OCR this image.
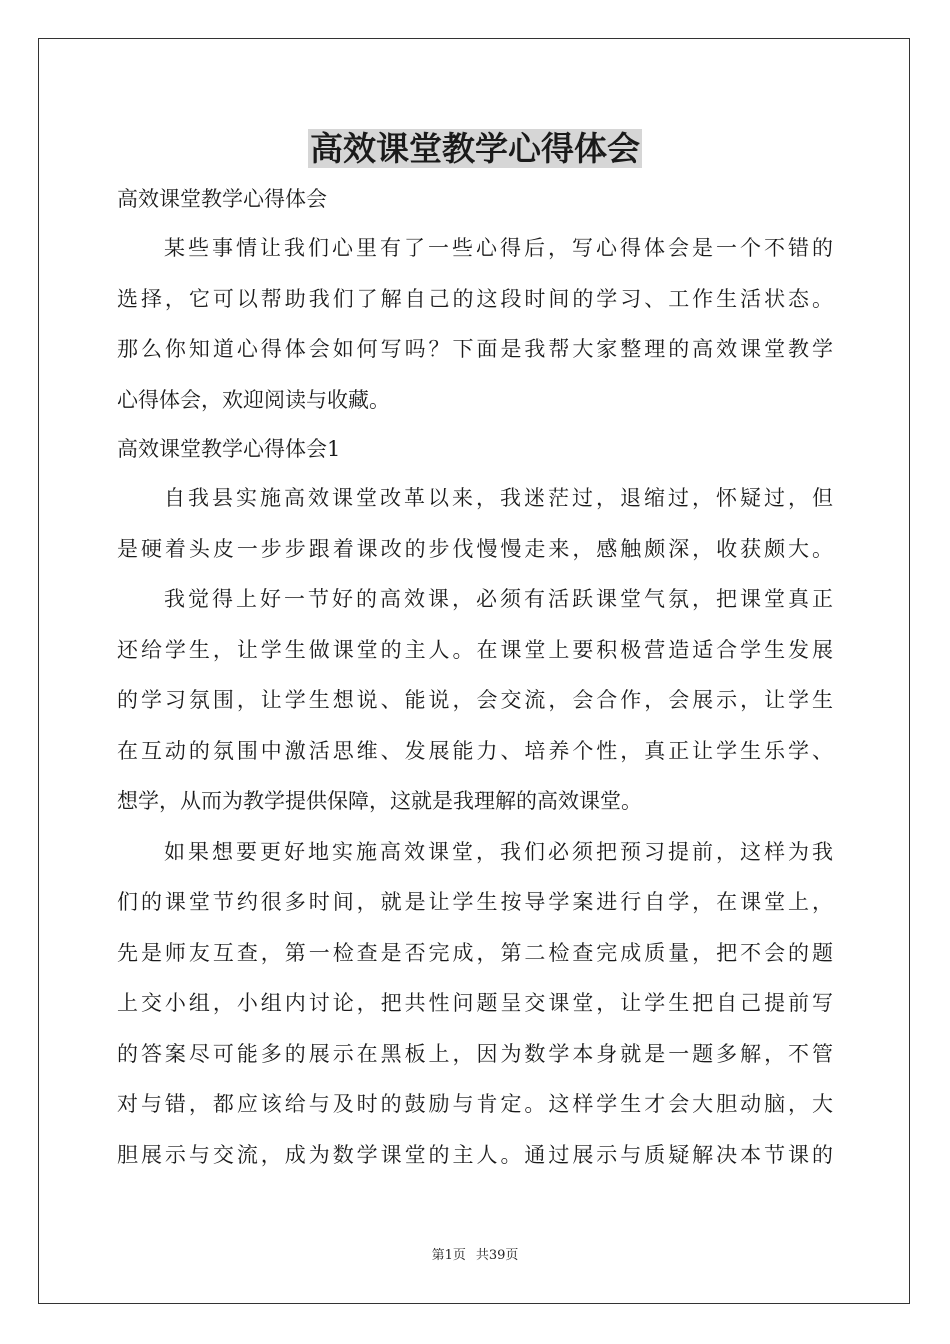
高效课堂教学心得体会
高效课堂教学心得体会
某些事情让我们心里有了一些心得后，写心得体会是一个不错的
选择，它可以帮助我们了解自己的这段时间的学习、工作生活状态。
那么你知道心得体会如何写吗？下面是我帮大家整理的高效课堂教学
心得体会，欢迎阅读与收藏。
高效课堂教学心得体会1
自我县实施高效课堂改革以来，我迷茫过，退缩过，怀疑过，但
是硬着头皮一步步跟着课改的步伐慢慢走来，感触颇深，收获颇大。
我觉得上好一节好的高效课，必须有活跃课堂气氛，把课堂真正
还给学生，让学生做课堂的主人。在课堂上要积极营造适合学生发展
的学习氛围，让学生想说、能说，会交流，会合作，会展示，让学生
在互动的氛围中激活思维、发展能力、培养个性，真正让学生乐学、
想学，从而为教学提供保障，这就是我理解的高效课堂。
如果想要更好地实施高效课堂，我们必须把预习提前，这样为我
们的课堂节约很多时间，就是让学生按导学案进行自学，在课堂上，
先是师友互查，第一检查是否完成，第二检查完成质量，把不会的题
上交小组，小组内讨论，把共性问题呈交课堂，让学生把自己提前写
的答案尽可能多的展示在黑板上，因为数学本身就是一题多解，不管
对与错，都应该给与及时的鼓励与肯定。这样学生才会大胆动脑，大
胆展示与交流，成为数学课堂的主人。通过展示与质疑解决本节课的
第1页 共39页
